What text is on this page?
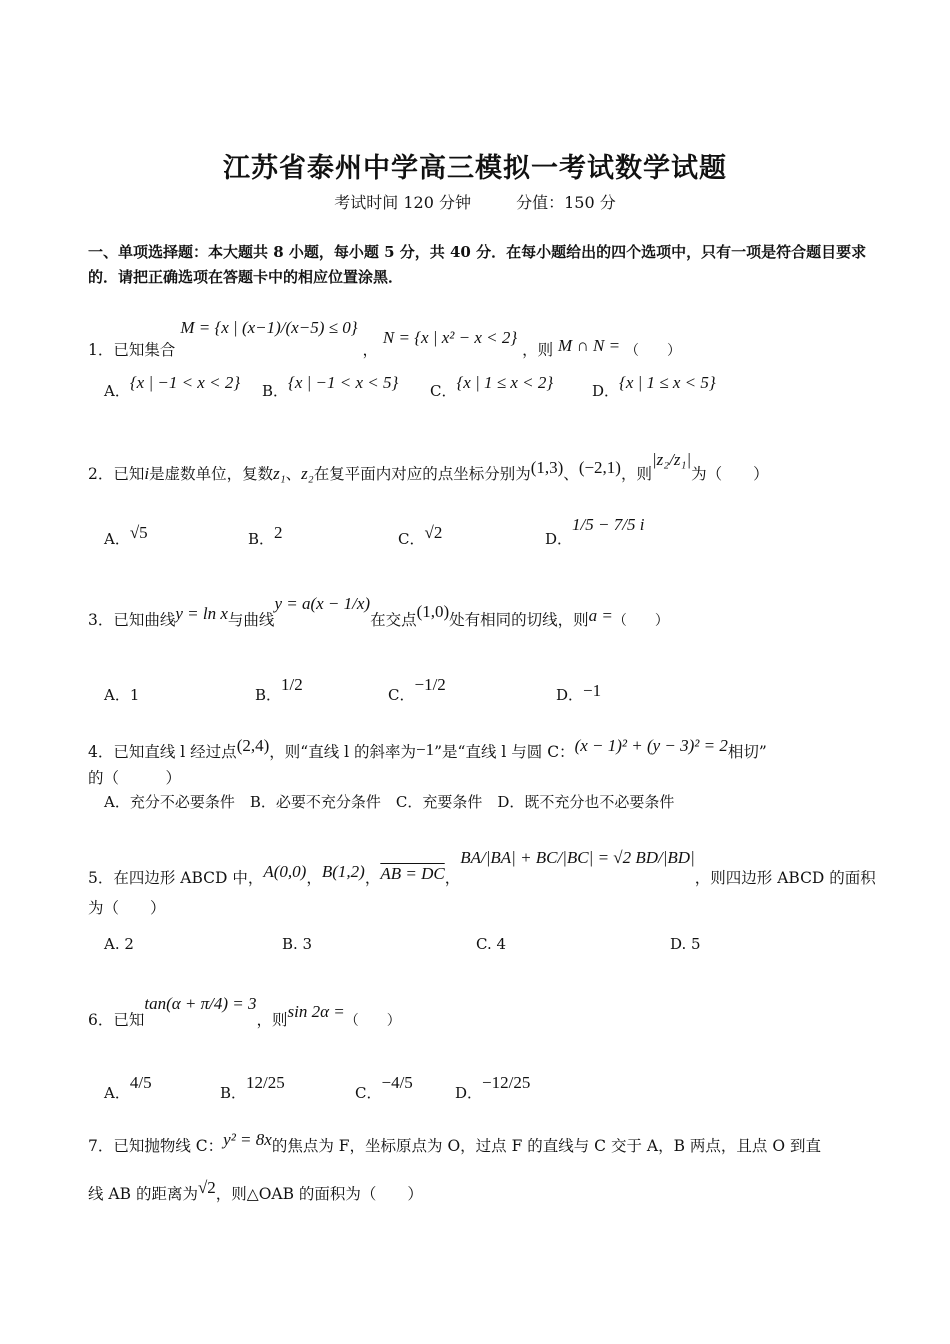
江苏省泰州中学高三模拟一考试数学试题
考试时间 120 分钟	分值：150 分
一、单项选择题：本大题共 8 小题，每小题 5 分，共 40 分．在每小题给出的四个选项中，只有一项是符合题目要求的．请把正确选项在答题卡中的相应位置涂黑．
1．已知集合 M = {x | (x−1)/(x−5) ≤ 0} ， N = {x | x² − x < 2} ，则 M ∩ N = （　　）
A．{x | −1 < x < 2} B．{x | −1 < x < 5} C．{x | 1 ≤ x < 2}	D．{x | 1 ≤ x < 5}
2．已知i是虚数单位，复数z₁、z₂在复平面内对应的点坐标分别为(1,3)、(−2,1)，则|z₂/z₁|为（　　）
A．√5	B．2	C．√2	D．1/5 − 7/5 i
3．已知曲线y = ln x与曲线y = a(x − 1/x)在交点(1,0)处有相同的切线，则a =（　　）
A．1	B．1/2
C．−1/2
D．−1
4．已知直线 l 经过点(2,4)，则“直线 l 的斜率为−1”是“直线 l 与圆 C：(x − 1)² + (y − 3)² = 2相切”
的（　　　）
A．充分不必要条件　B．必要不充分条件　C．充要条件　D．既不充分也不必要条件
5．在四边形 ABCD 中，A(0,0)，B(1,2)，AB = DC，BA/|BA| + BC/|BC| = √2 BD/|BD|，则四边形 ABCD 的面积
为（　　）
A. 2	B. 3	C. 4	D. 5
6．已知tan(α + π/4) = 3，则sin 2α =（　　）
A．4/5
B．12/25
C．−4/5
D．−12/25
7．已知抛物线 C：y² = 8x的焦点为 F，坐标原点为 O，过点 F 的直线与 C 交于 A，B 两点，且点 O 到直
线 AB 的距离为√2，则△OAB 的面积为（　　）
